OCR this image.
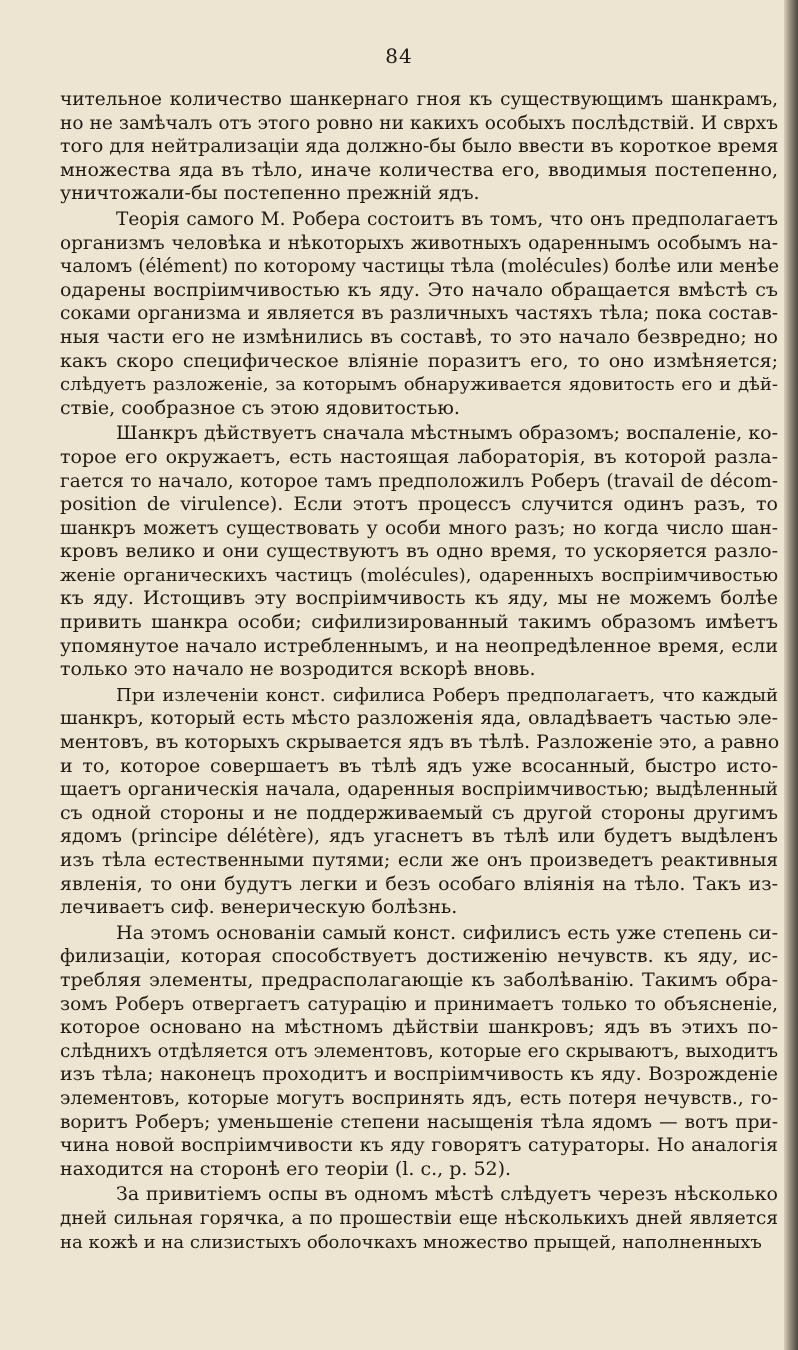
84
чительное количество шанкернаго гноя къ существующимъ шанкрамъ,
но не замѣчалъ отъ этого ровно ни какихъ особыхъ послѣдствій. И сврхъ
того для нейтрализаціи яда должно-бы было ввести въ короткое время
множества яда въ тѣло, иначе количества его, вводимыя постепенно,
уничтожали-бы постепенно прежній ядъ.
Теорія самого М. Робера состоитъ въ томъ, что онъ предполагаетъ
организмъ человѣка и нѣкоторыхъ животныхъ одареннымъ особымъ на-
чаломъ (élément) по которому частицы тѣла (molécules) болѣе или менѣе
одарены воспріимчивостью къ яду. Это начало обращается вмѣстѣ съ
соками организма и является въ различныхъ частяхъ тѣла; пока состав-
ныя части его не измѣнились въ составѣ, то это начало безвредно; но
какъ скоро специфическое вліяніе поразитъ его, то оно измѣняется;
слѣдуетъ разложеніе, за которымъ обнаруживается ядовитость его и дѣй-
ствіе, сообразное съ этою ядовитостью.
Шанкръ дѣйствуетъ сначала мѣстнымъ образомъ; воспаленіе, ко-
торое его окружаетъ, есть настоящая лабораторія, въ которой разла-
гается то начало, которое тамъ предположилъ Роберъ (travail de décom-
position de virulence). Если этотъ процессъ случится одинъ разъ, то
шанкръ можетъ существовать у особи много разъ; но когда число шан-
кровъ велико и они существуютъ въ одно время, то ускоряется разло-
женіе органическихъ частицъ (molécules), одаренныхъ воспріимчивостью
къ яду. Истощивъ эту воспріимчивость къ яду, мы не можемъ болѣе
привить шанкра особи; сифилизированный такимъ образомъ имѣетъ
упомянутое начало истребленнымъ, и на неопредѣленное время, если
только это начало не возродится вскорѣ вновь.
При излеченіи конст. сифилиса Роберъ предполагаетъ, что каждый
шанкръ, который есть мѣсто разложенія яда, овладѣваетъ частью эле-
ментовъ, въ которыхъ скрывается ядъ въ тѣлѣ. Разложеніе это, а равно
и то, которое совершаетъ въ тѣлѣ ядъ уже всосанный, быстро исто-
щаетъ органическія начала, одаренныя воспріимчивостью; выдѣленный
съ одной стороны и не поддерживаемый съ другой стороны другимъ
ядомъ (principe délétère), ядъ угаснетъ въ тѣлѣ или будетъ выдѣленъ
изъ тѣла естественными путями; если же онъ произведетъ реактивныя
явленія, то они будутъ легки и безъ особаго вліянія на тѣло. Такъ из-
лечиваетъ сиф. венерическую болѣзнь.
На этомъ основаніи самый конст. сифилисъ есть уже степень си-
филизаціи, которая способствуетъ достиженію нечувств. къ яду, ис-
требляя элементы, предрасполагающіе къ заболѣванію. Такимъ обра-
зомъ Роберъ отвергаетъ сатурацію и принимаетъ только то объясненіе,
которое основано на мѣстномъ дѣйствіи шанкровъ; ядъ въ этихъ по-
слѣднихъ отдѣляется отъ элементовъ, которые его скрываютъ, выходитъ
изъ тѣла; наконецъ проходитъ и воспріимчивость къ яду. Возрожденіе
элементовъ, которые могутъ воспринять ядъ, есть потеря нечувств., го-
воритъ Роберъ; уменьшеніе степени насыщенія тѣла ядомъ — вотъ при-
чина новой воспріимчивости къ яду говорятъ сатураторы. Но аналогія
находится на сторонѣ его теоріи (l. c., p. 52).
За привитіемъ оспы въ одномъ мѣстѣ слѣдуетъ черезъ нѣсколько
дней сильная горячка, а по прошествіи еще нѣсколькихъ дней является
на кожѣ и на слизистыхъ оболочкахъ множество прыщей, наполненныхъ
